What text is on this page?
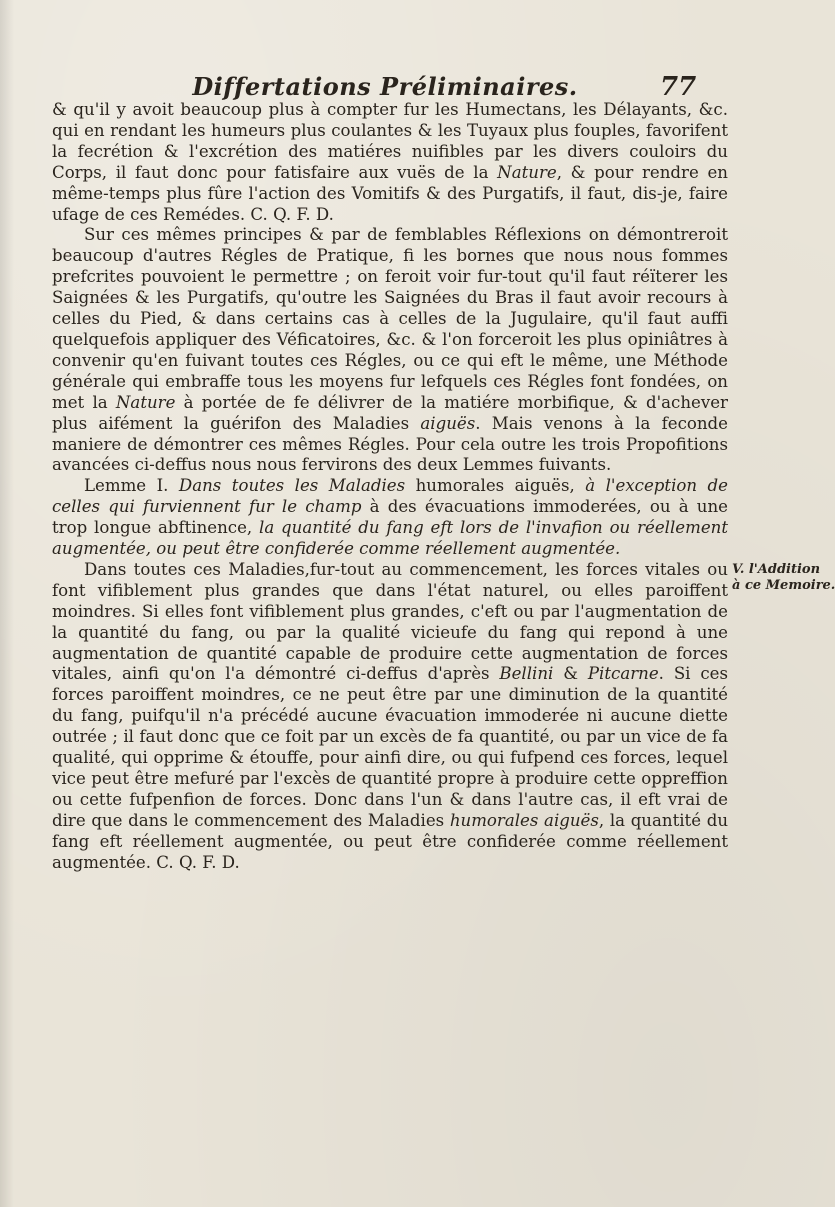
Differtations Préliminaires.	77

& qu'il y avoit beaucoup plus à compter fur les Humectans, les Délayants, &c. qui en rendant les humeurs plus coulantes & les Tuyaux plus fouples, favorifent la fecrétion & l'excrétion des matiéres nuifibles par les divers couloirs du Corps, il faut donc pour fatisfaire aux vuës de la Nature, & pour rendre en même-temps plus fûre l'action des Vomitifs & des Purgatifs, il faut, dis-je, faire ufage de ces Remédes. C. Q. F. D.

Sur ces mêmes principes & par de femblables Réflexions on démontreroit beaucoup d'autres Régles de Pratique, fi les bornes que nous nous fommes prefcrites pouvoient le permettre ; on feroit voir fur-tout qu'il faut réïterer les Saignées & les Purgatifs, qu'outre les Saignées du Bras il faut avoir recours à celles du Pied, & dans certains cas à celles de la Jugulaire, qu'il faut auffi quelquefois appliquer des Véficatoires, &c. & l'on forceroit les plus opiniâtres à convenir qu'en fuivant toutes ces Régles, ou ce qui eft le même, une Méthode générale qui embraffe tous les moyens fur lefquels ces Régles font fondées, on met la Nature à portée de fe délivrer de la matiére morbifique, & d'achever plus aifément la guérifon des Maladies aiguës. Mais venons à la feconde maniere de démontrer ces mêmes Régles. Pour cela outre les trois Propofitions avancées ci-deffus nous nous fervirons des deux Lemmes fuivants.

Lemme I. Dans toutes les Maladies humorales aiguës, à l'exception de celles qui furviennent fur le champ à des évacuations immoderées, ou à une trop longue abftinence, la quantité du fang eft lors de l'invafion ou réellement augmentée, ou peut être confiderée comme réellement augmentée.

Dans toutes ces Maladies,fur-tout au commencement, les forces vitales ou font vifiblement plus grandes que dans l'état naturel, ou elles paroiffent moindres. Si elles font vifiblement plus grandes, c'eft ou par l'augmentation de la quantité du fang, ou par la qualité vicieufe du fang qui repond à une augmentation de quantité capable de produire cette augmentation de forces vitales, ainfi qu'on l'a démontré ci-deffus d'après Bellini & Pitcarne. Si ces forces paroiffent moindres, ce ne peut être par une diminution de la quantité du fang, puifqu'il n'a précédé aucune évacuation immoderée ni aucune diette outrée ; il faut donc que ce foit par un excès de fa quantité, ou par un vice de fa qualité, qui opprime & étouffe, pour ainfi dire, ou qui fufpend ces forces, lequel vice peut être mefuré par l'excès de quantité propre à produire cette oppreffion ou cette fufpenfion de forces. Donc dans l'un & dans l'autre cas, il eft vrai de dire que dans le commencement des Maladies humorales aiguës, la quantité du fang eft réellement augmentée, ou peut être confiderée comme réellement augmentée. C. Q. F. D.

V. l'Addition
à ce Memoire.
